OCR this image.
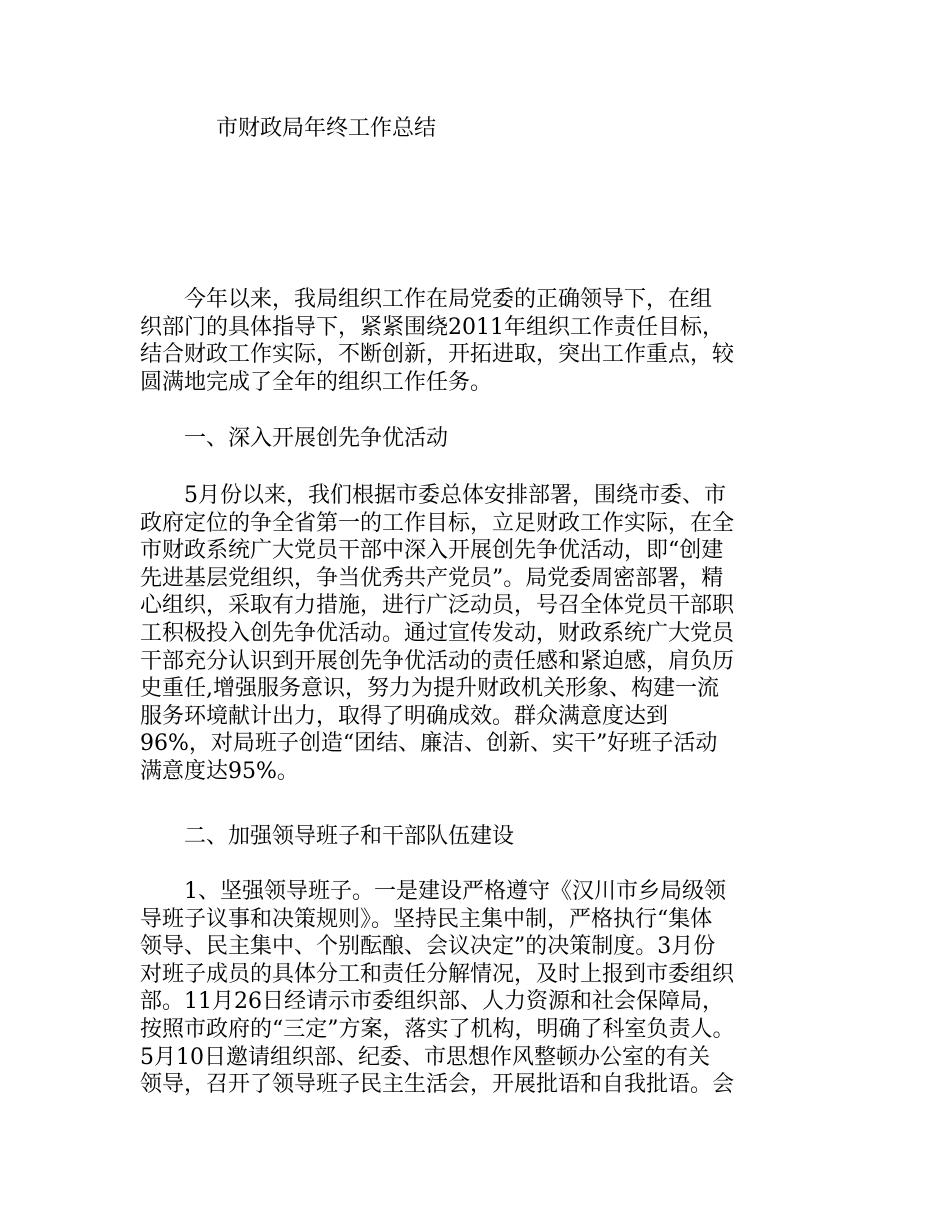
市财政局年终工作总结
　　今年以来，我局组织工作在局党委的正确领导下，在组
织部门的具体指导下，紧紧围绕2011年组织工作责任目标，
结合财政工作实际，不断创新，开拓进取，突出工作重点，较
圆满地完成了全年的组织工作任务。
　　一、深入开展创先争优活动
　　5月份以来，我们根据市委总体安排部署，围绕市委、市
政府定位的争全省第一的工作目标，立足财政工作实际，在全
市财政系统广大党员干部中深入开展创先争优活动，即“创建
先进基层党组织，争当优秀共产党员”。局党委周密部署，精
心组织，采取有力措施，进行广泛动员，号召全体党员干部职
工积极投入创先争优活动。通过宣传发动，财政系统广大党员
干部充分认识到开展创先争优活动的责任感和紧迫感，肩负历
史重任,增强服务意识，努力为提升财政机关形象、构建一流
服务环境献计出力，取得了明确成效。群众满意度达到
96%，对局班子创造“团结、廉洁、创新、实干”好班子活动
满意度达95%。
　　二、加强领导班子和干部队伍建设
　　1、坚强领导班子。一是建设严格遵守《汉川市乡局级领
导班子议事和决策规则》。坚持民主集中制，严格执行“集体
领导、民主集中、个别酝酿、会议决定”的决策制度。3月份
对班子成员的具体分工和责任分解情况，及时上报到市委组织
部。11月26日经请示市委组织部、人力资源和社会保障局，
按照市政府的“三定”方案，落实了机构，明确了科室负责人。
5月10日邀请组织部、纪委、市思想作风整顿办公室的有关
领导，召开了领导班子民主生活会，开展批语和自我批语。会
